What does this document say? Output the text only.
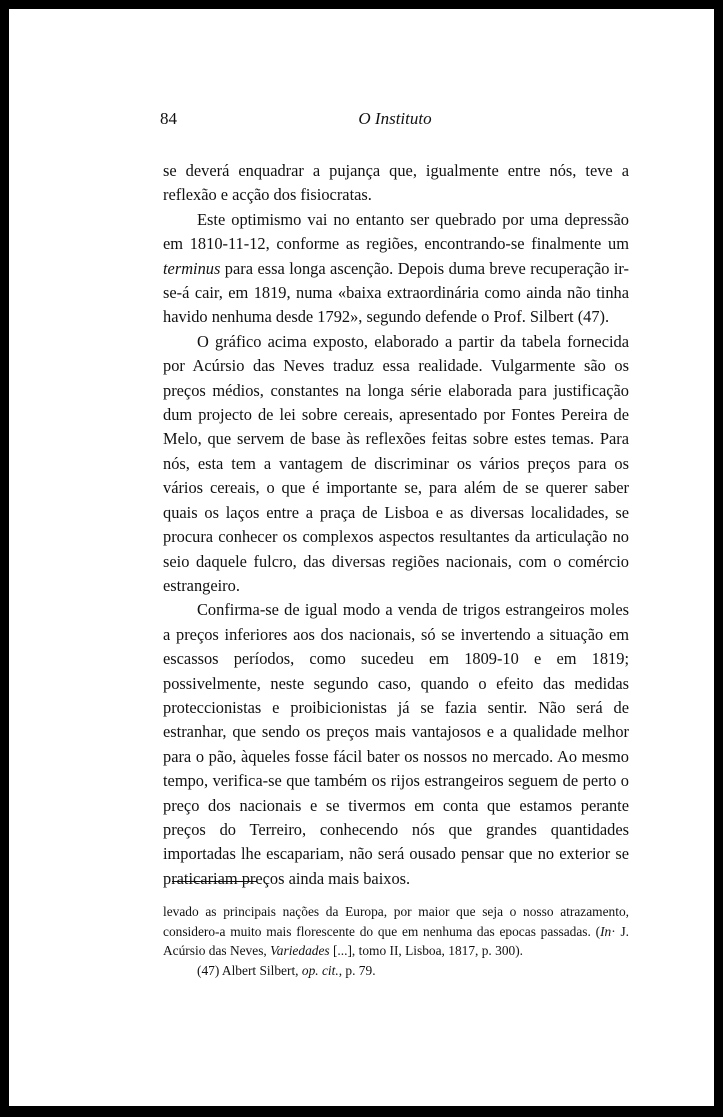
84	O Instituto

se deverá enquadrar a pujança que, igualmente entre nós, teve a reflexão e acção dos fisiocratas.

Este optimismo vai no entanto ser quebrado por uma depressão em 1810-11-12, conforme as regiões, encontrando-se finalmente um terminus para essa longa ascenção. Depois duma breve recuperação ir-se-á cair, em 1819, numa «baixa extraordinária como ainda não tinha havido nenhuma desde 1792», segundo defende o Prof. Silbert (47).

O gráfico acima exposto, elaborado a partir da tabela fornecida por Acúrsio das Neves traduz essa realidade. Vulgarmente são os preços médios, constantes na longa série elaborada para justificação dum projecto de lei sobre cereais, apresentado por Fontes Pereira de Melo, que servem de base às reflexões feitas sobre estes temas. Para nós, esta tem a vantagem de discriminar os vários preços para os vários cereais, o que é importante se, para além de se querer saber quais os laços entre a praça de Lisboa e as diversas localidades, se procura conhecer os complexos aspectos resultantes da articulação no seio daquele fulcro, das diversas regiões nacionais, com o comércio estrangeiro.

Confirma-se de igual modo a venda de trigos estrangeiros moles a preços inferiores aos dos nacionais, só se invertendo a situação em escassos períodos, como sucedeu em 1809-10 e em 1819; possivelmente, neste segundo caso, quando o efeito das medidas proteccionistas e proibicionistas já se fazia sentir. Não será de estranhar, que sendo os preços mais vantajosos e a qualidade melhor para o pão, àqueles fosse fácil bater os nossos no mercado. Ao mesmo tempo, verifica-se que também os rijos estrangeiros seguem de perto o preço dos nacionais e se tivermos em conta que estamos perante preços do Terreiro, conhecendo nós que grandes quantidades importadas lhe escapariam, não será ousado pensar que no exterior se praticariam preços ainda mais baixos.

levado as principais nações da Europa, por maior que seja o nosso atrazamento, considero-a muito mais florescente do que em nenhuma das epocas passadas. (In· J. Acúrsio das Neves, Variedades [...], tomo II, Lisboa, 1817, p. 300).

(47) Albert Silbert, op. cit., p. 79.
